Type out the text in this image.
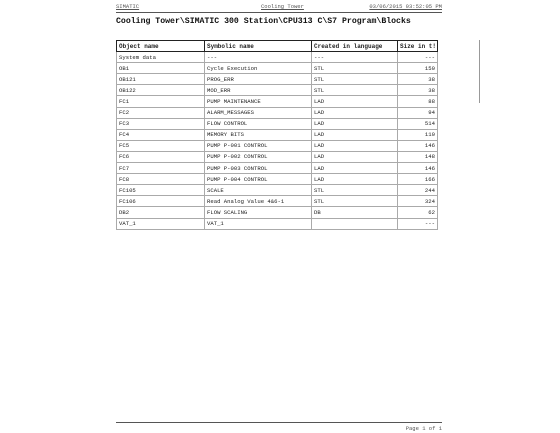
SIMATIC	Cooling Tower	03/06/2015 03:52:05 PM
Cooling Tower\SIMATIC 300 Station\CPU313 C\S7 Program\Blocks
Object name	Symbolic name	Created in language	Size in t!
System data	---	---	---
OB1	Cycle Execution	STL	150
OB121	PROG_ERR	STL	38
OB122	MOD_ERR	STL	38
FC1	PUMP MAINTENANCE	LAD	88
FC2	ALARM_MESSAGES	LAD	94
FC3	FLOW CONTROL	LAD	514
FC4	MEMORY BITS	LAD	110
FC5	PUMP P-001 CONTROL	LAD	146
FC6	PUMP P-002 CONTROL	LAD	148
FC7	PUMP P-003 CONTROL	LAD	146
FC8	PUMP P-004 CONTROL	LAD	166
FC105	SCALE	STL	244
FC106	Read Analog Value 4&6-1	STL	324
DB2	FLOW SCALING	DB	62
VAT_1	VAT_1		---
Page 1 of 1
